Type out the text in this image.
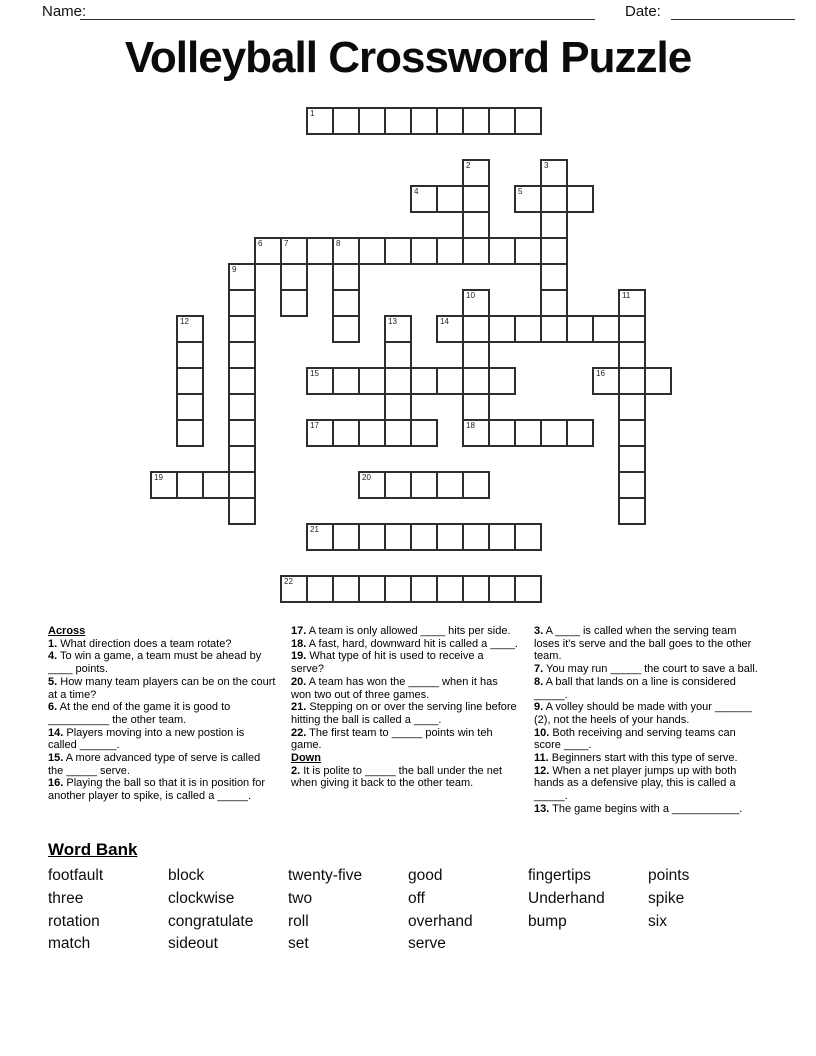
Name:	Date:
Volleyball Crossword Puzzle
1
2	3
4	5
6	7	8
9
10
18
11
12	13	14
15	16
17
19	20
21
22
Across
1. What direction does a team rotate?
4. To win a game, a team must be ahead by ____ points.
5. How many team players can be on the court at a time?
6. At the end of the game it is good to __________ the other team.
14. Players moving into a new postion is called ______.
15. A more advanced type of serve is called the _____ serve.
16. Playing the ball so that it is in position for another player to spike, is called a _____.
17. A team is only allowed ____ hits per side.
18. A fast, hard, downward hit is called a ____.
19. What type of hit is used to receive a serve?
20. A team has won the _____ when it has won two out of three games.
21. Stepping on or over the serving line before hitting the ball is called a ____.
22. The first team to _____ points win teh game.
Down
2. It is polite to _____ the ball under the net when giving it back to the other team.
3. A ____ is called when the serving team loses it's serve and the ball goes to the other team.
7. You may run _____ the court to save a ball.
8. A ball that lands on a line is considered _____.
9. A volley should be made with your ______ (2), not the heels of your hands.
10. Both receiving and serving teams can score ____.
11. Beginners start with this type of serve.
12. When a net player jumps up with both hands as a defensive play, this is called a _____.
13. The game begins with a ___________.
Word Bank
footfault
three
rotation
match
block
clockwise
congratulate
sideout
twenty-five
two
roll
set
good
off
overhand
serve
fingertips
Underhand
bump
points
spike
six
